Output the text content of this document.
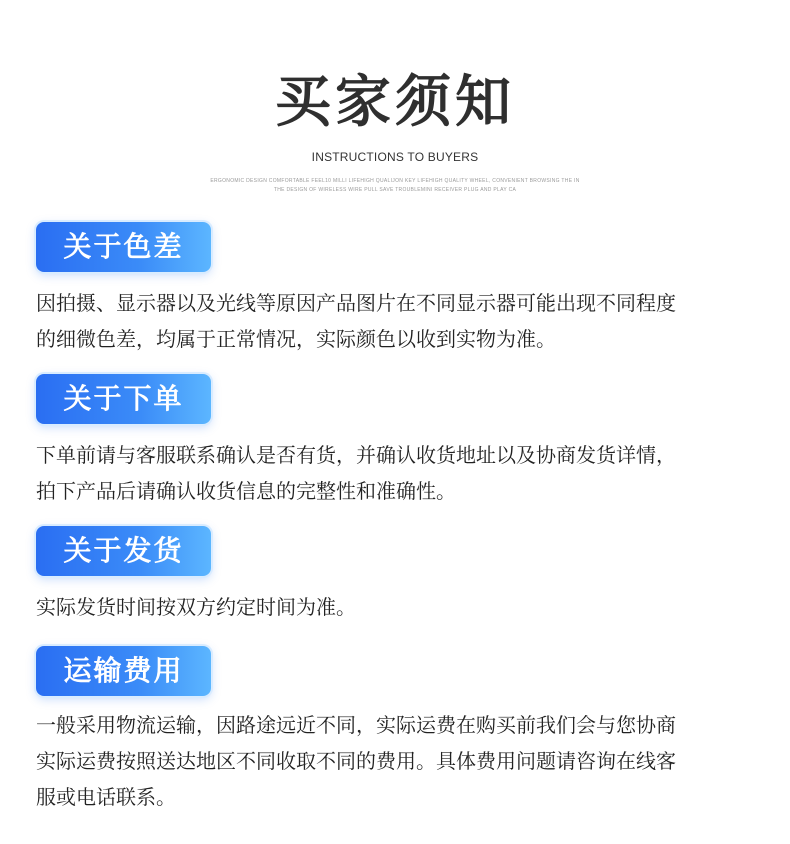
买家须知
INSTRUCTIONS TO BUYERS
ERGONOMIC DESIGN COMFORTABLE FEEL10 MILLI LIFEHIGH QUALIJON KEY LIFEHIGH QUALITY WHEEL, CONVENIENT BROWSING THE IN
THE DESIGN OF WIRELESS WIRE PULL SAVE TROUBLEMINI RECEIVER PLUG AND PLAY CA
关于色差

因拍摄、显示器以及光线等原因产品图片在不同显示器可能出现不同程度

的细微色差，均属于正常情况，实际颜色以收到实物为准。

关于下单

下单前请与客服联系确认是否有货，并确认收货地址以及协商发货详情，

拍下产品后请确认收货信息的完整性和准确性。

关于发货

实际发货时间按双方约定时间为准。

运输费用

一般采用物流运输，因路途远近不同，实际运费在购买前我们会与您协商

实际运费按照送达地区不同收取不同的费用。具体费用问题请咨询在线客

服或电话联系。
